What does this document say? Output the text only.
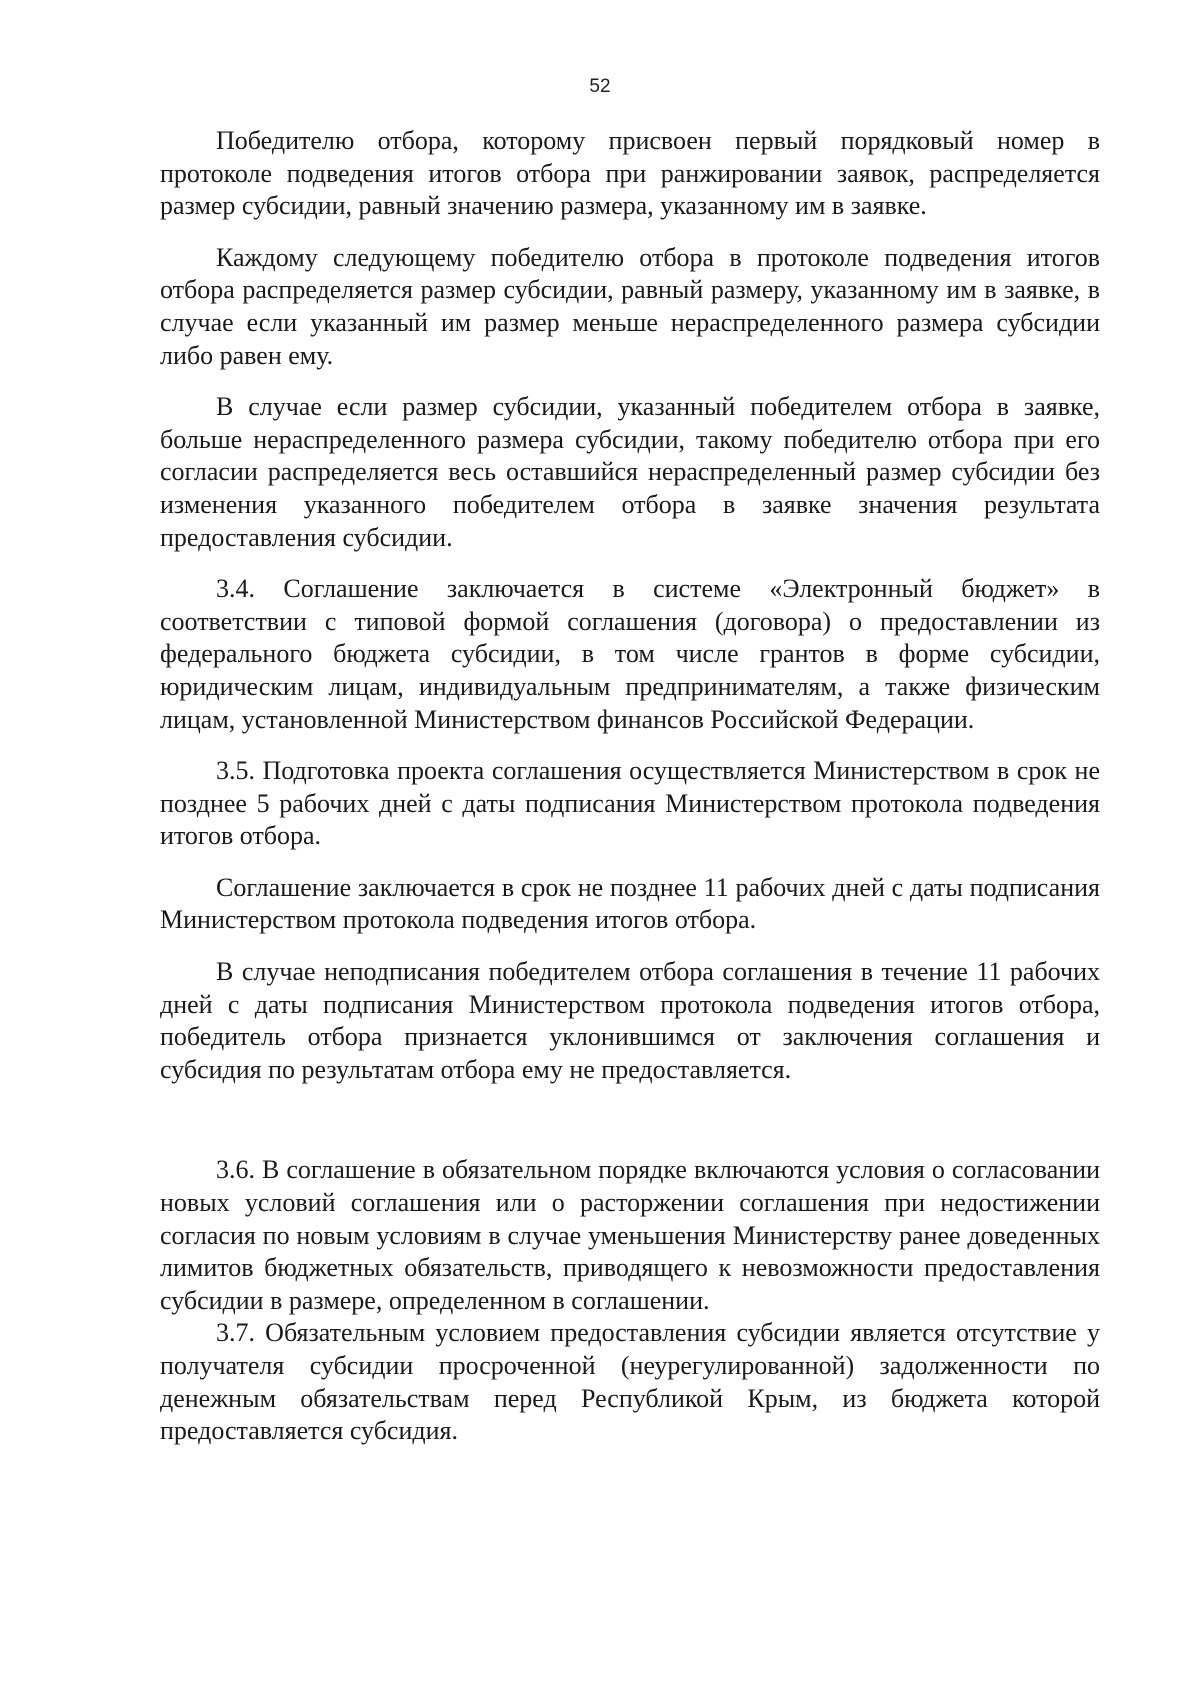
52

Победителю отбора, которому присвоен первый порядковый номер в протоколе подведения итогов отбора при ранжировании заявок, распределяется размер субсидии, равный значению размера, указанному им в заявке.

Каждому следующему победителю отбора в протоколе подведения итогов отбора распределяется размер субсидии, равный размеру, указанному им в заявке, в случае если указанный им размер меньше нераспределенного размера субсидии либо равен ему.

В случае если размер субсидии, указанный победителем отбора в заявке, больше нераспределенного размера субсидии, такому победителю отбора при его согласии распределяется весь оставшийся нераспределенный размер субсидии без изменения указанного победителем отбора в заявке значения результата предоставления субсидии.

3.4. Соглашение заключается в системе «Электронный бюджет» в соответствии с типовой формой соглашения (договора) о предоставлении из федерального бюджета субсидии, в том числе грантов в форме субсидии, юридическим лицам, индивидуальным предпринимателям, а также физическим лицам, установленной Министерством финансов Российской Федерации.

3.5. Подготовка проекта соглашения осуществляется Министерством в срок не позднее 5 рабочих дней с даты подписания Министерством протокола подведения итогов отбора.

Соглашение заключается в срок не позднее 11 рабочих дней с даты подписания Министерством протокола подведения итогов отбора.

В случае неподписания победителем отбора соглашения в течение 11 рабочих дней с даты подписания Министерством протокола подведения итогов отбора, победитель отбора признается уклонившимся от заключения соглашения и субсидия по результатам отбора ему не предоставляется.

3.6. В соглашение в обязательном порядке включаются условия о согласовании новых условий соглашения или о расторжении соглашения при недостижении согласия по новым условиям в случае уменьшения Министерству ранее доведенных лимитов бюджетных обязательств, приводящего к невозможности предоставления субсидии в размере, определенном в соглашении.

3.7. Обязательным условием предоставления субсидии является отсутствие у получателя субсидии просроченной (неурегулированной) задолженности по денежным обязательствам перед Республикой Крым, из бюджета которой предоставляется субсидия.
